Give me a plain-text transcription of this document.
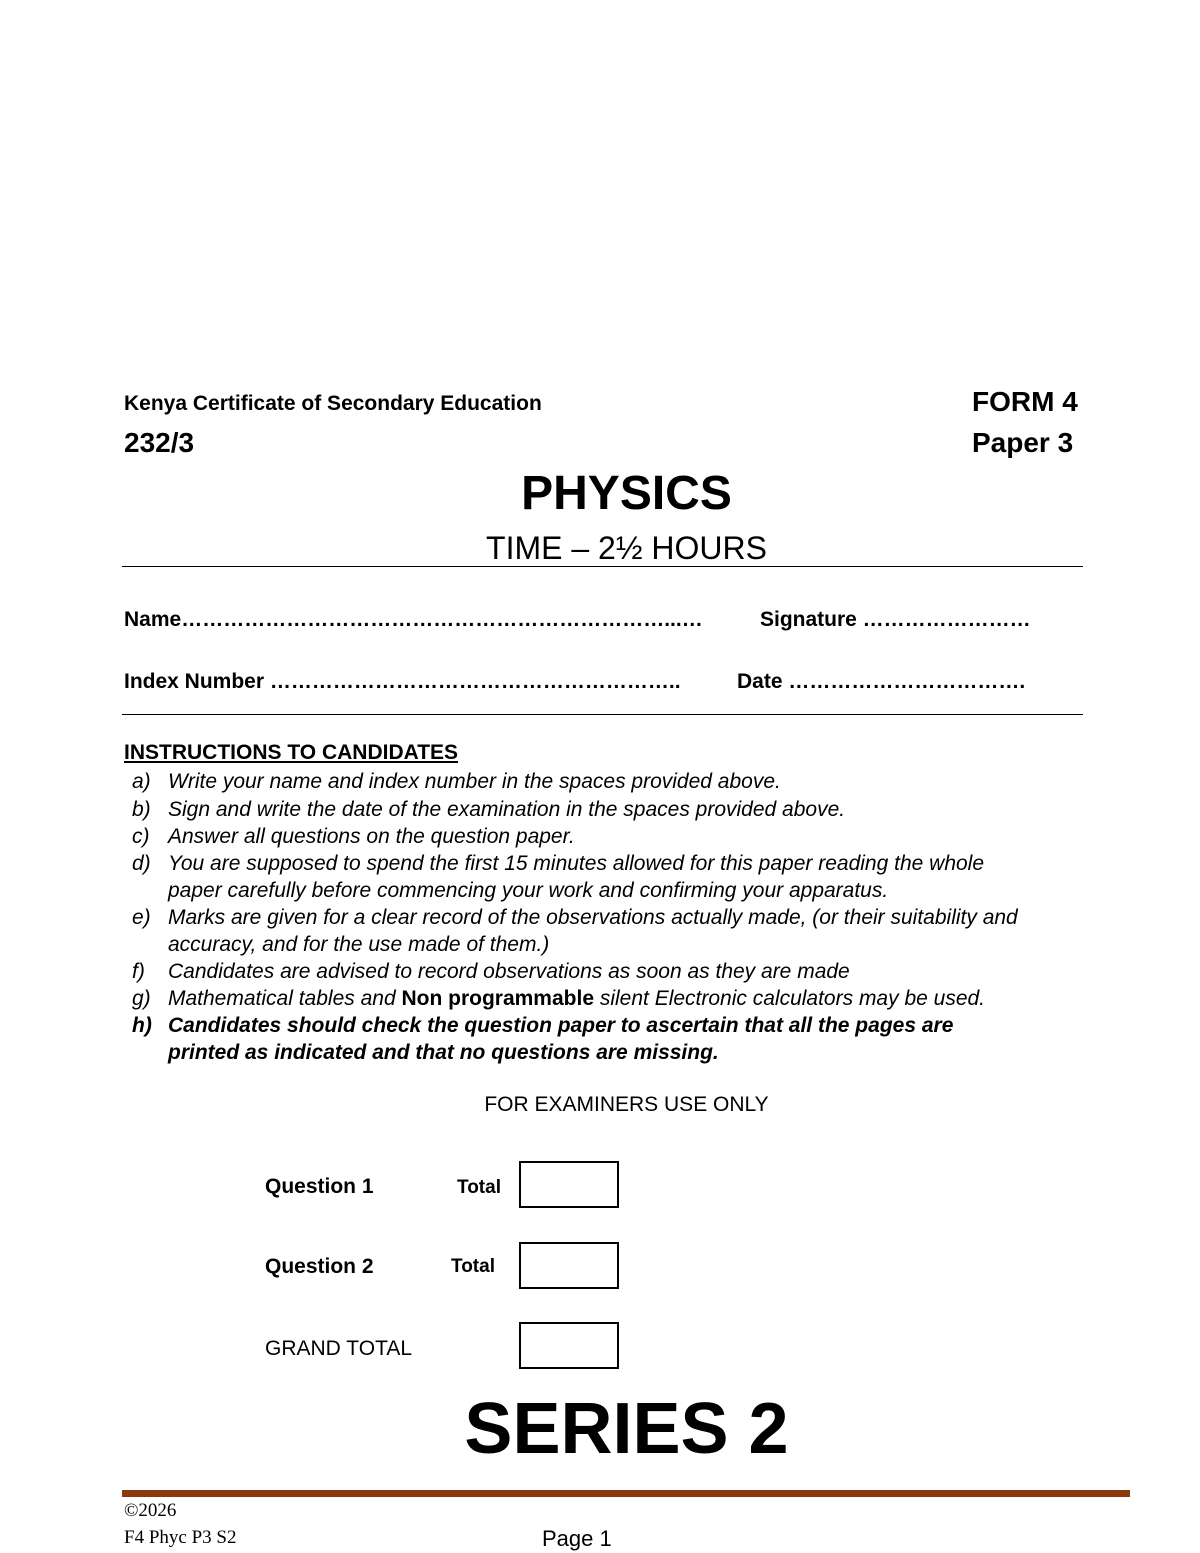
Kenya Certificate of Secondary Education
232/3
FORM 4
Paper 3
PHYSICS
TIME – 2½ HOURS
Name……………………………………………………………...…	Signature ……………………
Index Number …………………………………………………..	Date …………………………….
INSTRUCTIONS TO CANDIDATES
a) Write your name and index number in the spaces provided above.
b) Sign and write the date of the examination in the spaces provided above.
c) Answer all questions on the question paper.
d) You are supposed to spend the first 15 minutes allowed for this paper reading the whole
paper carefully before commencing your work and confirming your apparatus.
e) Marks are given for a clear record of the observations actually made, (or their suitability and
accuracy, and for the use made of them.)
f) Candidates are advised to record observations as soon as they are made
g) Mathematical tables and Non programmable silent Electronic calculators may be used.
h) Candidates should check the question paper to ascertain that all the pages are
printed as indicated and that no questions are missing.
FOR EXAMINERS USE ONLY
Question 1	Total
Question 2	Total
GRAND TOTAL
SERIES 2
©2026
F4 Phyc P3 S2	Page 1
